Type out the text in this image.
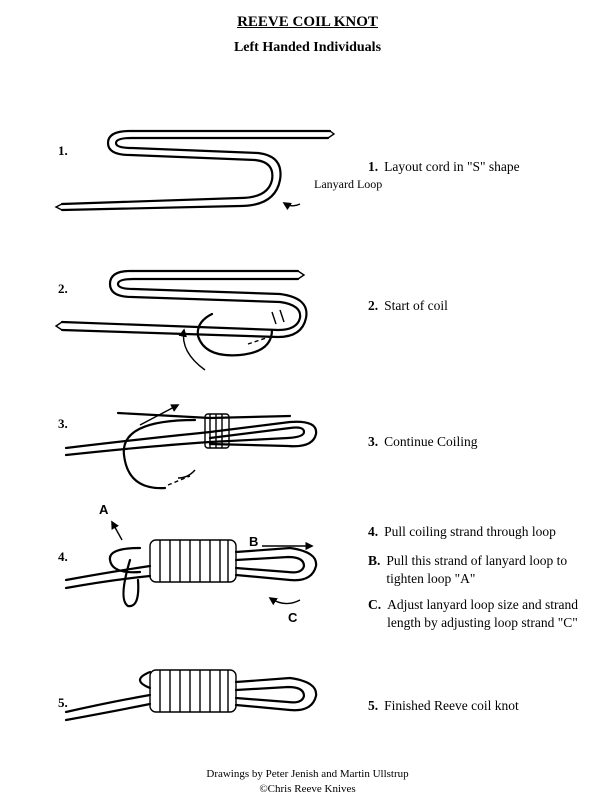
REEVE COIL KNOT
Left Handed Individuals
1.
2.
3.
4.
5.
1. Layout cord in "S" shape
2. Start of coil
3. Continue Coiling
4. Pull coiling strand through loop
B. Pull this strand of lanyard loop to tighten loop "A"
C. Adjust lanyard loop size and strand length by adjusting loop strand "C"
5. Finished Reeve coil knot
Lanyard Loop
A
B
C
Drawings by Peter Jenish and Martin Ullstrup
©Chris Reeve Knives
